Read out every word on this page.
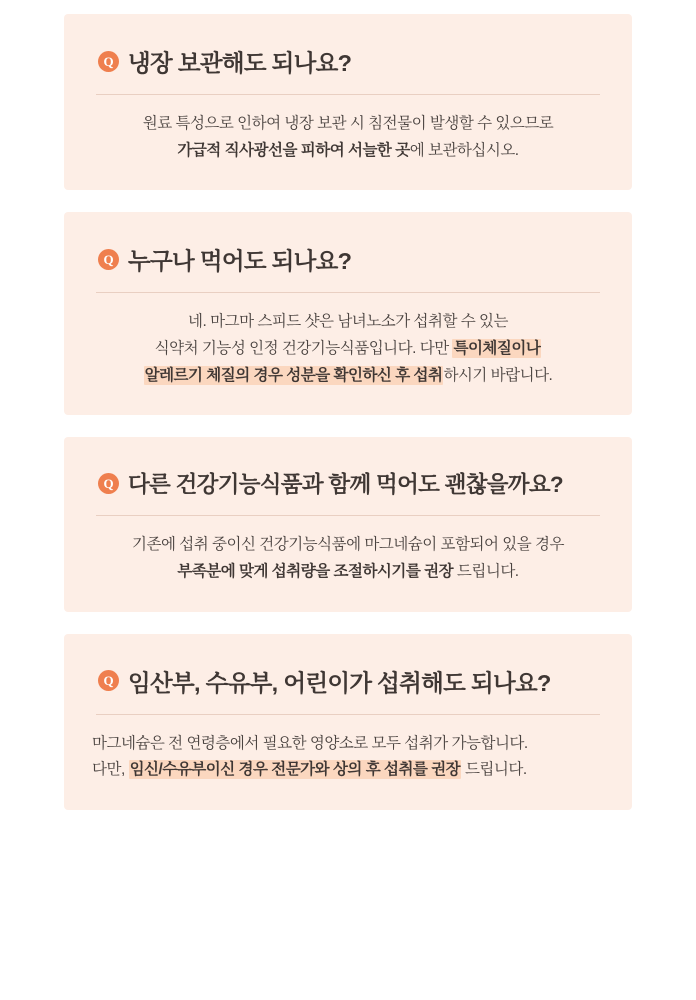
Q 냉장 보관해도 되나요?
원료 특성으로 인하여 냉장 보관 시 침전물이 발생할 수 있으므로
가급적 직사광선을 피하여 서늘한 곳에 보관하십시오.
Q 누구나 먹어도 되나요?
네. 마그마 스피드 샷은 남녀노소가 섭취할 수 있는
식약처 기능성 인정 건강기능식품입니다. 다만 특이체질이나
알레르기 체질의 경우 성분을 확인하신 후 섭취하시기 바랍니다.
Q 다른 건강기능식품과 함께 먹어도 괜찮을까요?
기존에 섭취 중이신 건강기능식품에 마그네슘이 포함되어 있을 경우
부족분에 맞게 섭취량을 조절하시기를 권장 드립니다.
Q 임산부, 수유부, 어린이가 섭취해도 되나요?
마그네슘은 전 연령층에서 필요한 영양소로 모두 섭취가 가능합니다.
다만, 임신/수유부이신 경우 전문가와 상의 후 섭취를 권장 드립니다.
